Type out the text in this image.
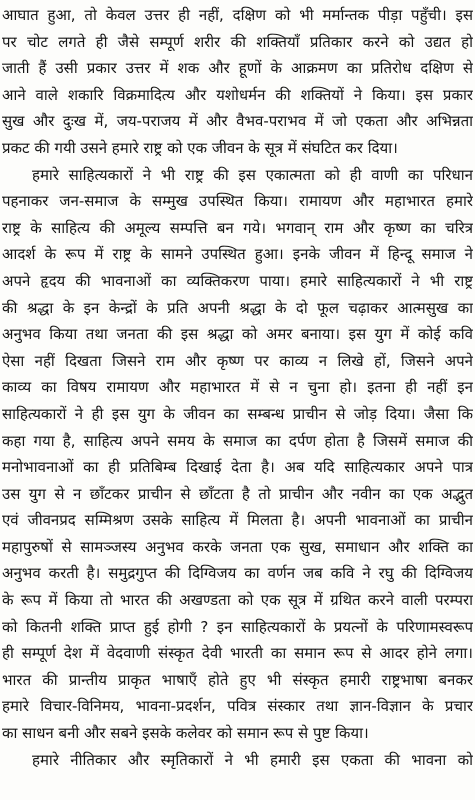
आघात हुआ, तो केवल उत्तर ही नहीं, दक्षिण को भी मर्मान्तक पीड़ा पहुँची। इस
पर चोट लगते ही जैसे सम्पूर्ण शरीर की शक्तियाँ प्रतिकार करने को उद्यत हो
जाती हैं उसी प्रकार उत्तर में शक और हूणों के आक्रमण का प्रतिरोध दक्षिण से
आने वाले शकारि विक्रमादित्य और यशोधर्मन की शक्तियों ने किया। इस प्रकार
सुख और दुःख में, जय-पराजय में और वैभव-पराभव में जो एकता और अभिन्नता
प्रकट की गयी उसने हमारे राष्ट्र को एक जीवन के सूत्र में संघटित कर दिया।
हमारे साहित्यकारों ने भी राष्ट्र की इस एकात्मता को ही वाणी का परिधान
पहनाकर जन-समाज के सम्मुख उपस्थित किया। रामायण और महाभारत हमारे
राष्ट्र के साहित्य की अमूल्य सम्पत्ति बन गये। भगवान् राम और कृष्ण का चरित्र
आदर्श के रूप में राष्ट्र के सामने उपस्थित हुआ। इनके जीवन में हिन्दू समाज ने
अपने हृदय की भावनाओं का व्यक्तिकरण पाया। हमारे साहित्यकारों ने भी राष्ट्र
की श्रद्धा के इन केन्द्रों के प्रति अपनी श्रद्धा के दो फूल चढ़ाकर आत्मसुख का
अनुभव किया तथा जनता की इस श्रद्धा को अमर बनाया। इस युग में कोई कवि
ऐसा नहीं दिखता जिसने राम और कृष्ण पर काव्य न लिखे हों, जिसने अपने
काव्य का विषय रामायण और महाभारत में से न चुना हो। इतना ही नहीं इन
साहित्यकारों ने ही इस युग के जीवन का सम्बन्ध प्राचीन से जोड़ दिया। जैसा कि
कहा गया है, साहित्य अपने समय के समाज का दर्पण होता है जिसमें समाज की
मनोभावनाओं का ही प्रतिबिम्ब दिखाई देता है। अब यदि साहित्यकार अपने पात्र
उस युग से न छाँटकर प्राचीन से छाँटता है तो प्राचीन और नवीन का एक अद्भुत
एवं जीवनप्रद सम्मिश्रण उसके साहित्य में मिलता है। अपनी भावनाओं का प्राचीन
महापुरुषों से सामञ्जस्य अनुभव करके जनता एक सुख, समाधान और शक्ति का
अनुभव करती है। समुद्रगुप्त की दिग्विजय का वर्णन जब कवि ने रघु की दिग्विजय
के रूप में किया तो भारत की अखण्डता को एक सूत्र में ग्रथित करने वाली परम्परा
को कितनी शक्ति प्राप्त हुई होगी ? इन साहित्यकारों के प्रयत्नों के परिणामस्वरूप
ही सम्पूर्ण देश में वेदवाणी संस्कृत देवी भारती का समान रूप से आदर होने लगा।
भारत की प्रान्तीय प्राकृत भाषाएँ होते हुए भी संस्कृत हमारी राष्ट्रभाषा बनकर
हमारे विचार-विनिमय, भावना-प्रदर्शन, पवित्र संस्कार तथा ज्ञान-विज्ञान के प्रचार
का साधन बनी और सबने इसके कलेवर को समान रूप से पुष्ट किया।
हमारे नीतिकार और स्मृतिकारों ने भी हमारी इस एकता की भावना को
